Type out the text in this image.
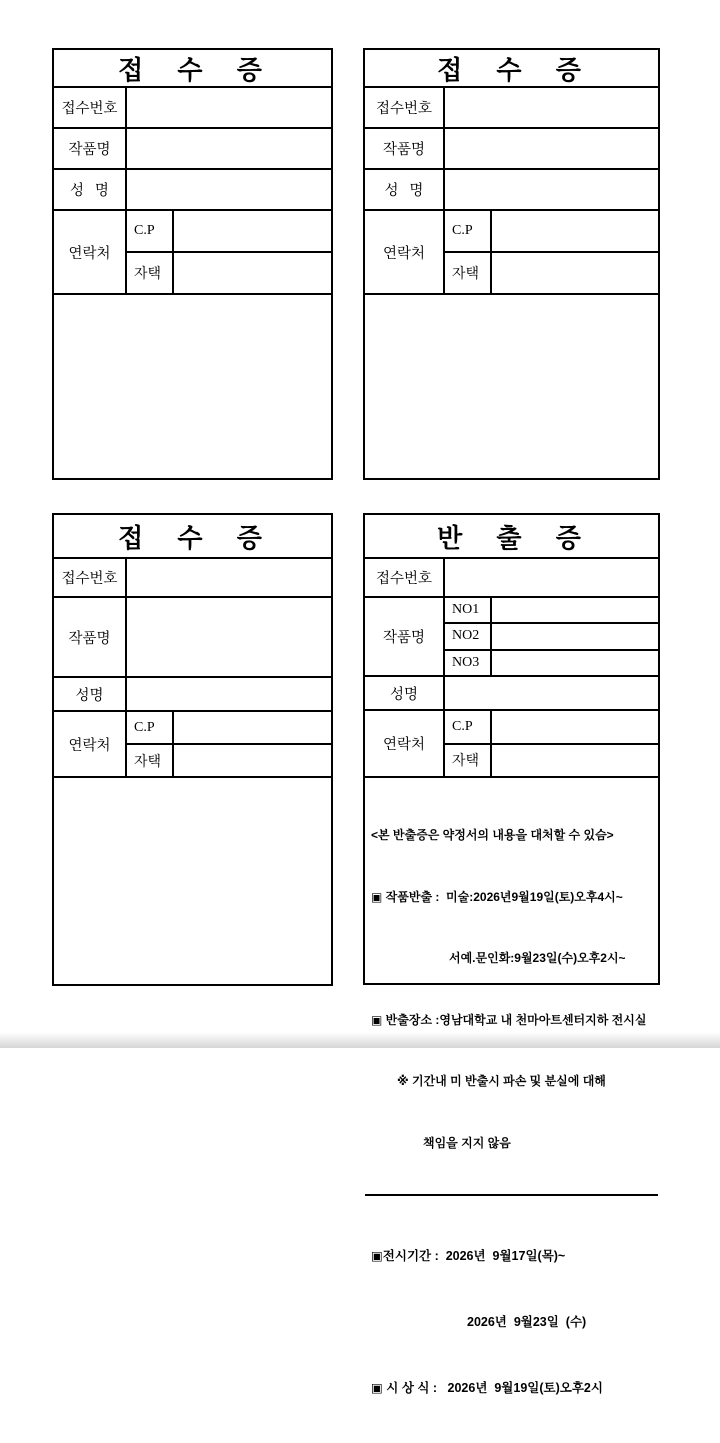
접 수 증
접수번호
작품명
성   명
연락처
C.P
자택
접 수 증
접수번호
작품명
성   명
연락처
C.P
자택
접 수 증
접수번호
작품명
성명
연락처
C.P
자택
반 출 증
접수번호
작품명
NO1
NO2
NO3
성명
연락처
C.P
자택

<본 반출증은 약정서의 내용을 대처할 수 있슴>

▣ 작품반출 :  미술:2026년9월19일(토)오후4시~

서예.문인화:9월23일(수)오후2시~

▣ 반출장소 :영남대학교 내 천마아트센터지하 전시실

※ 기간내 미 반출시 파손 및 분실에 대해

책임을 지지 않음

▣전시기간 :  2026년  9월17일(목)~

2026년  9월23일  (수)

▣ 시 상 식 :   2026년  9월19일(토)오후2시
